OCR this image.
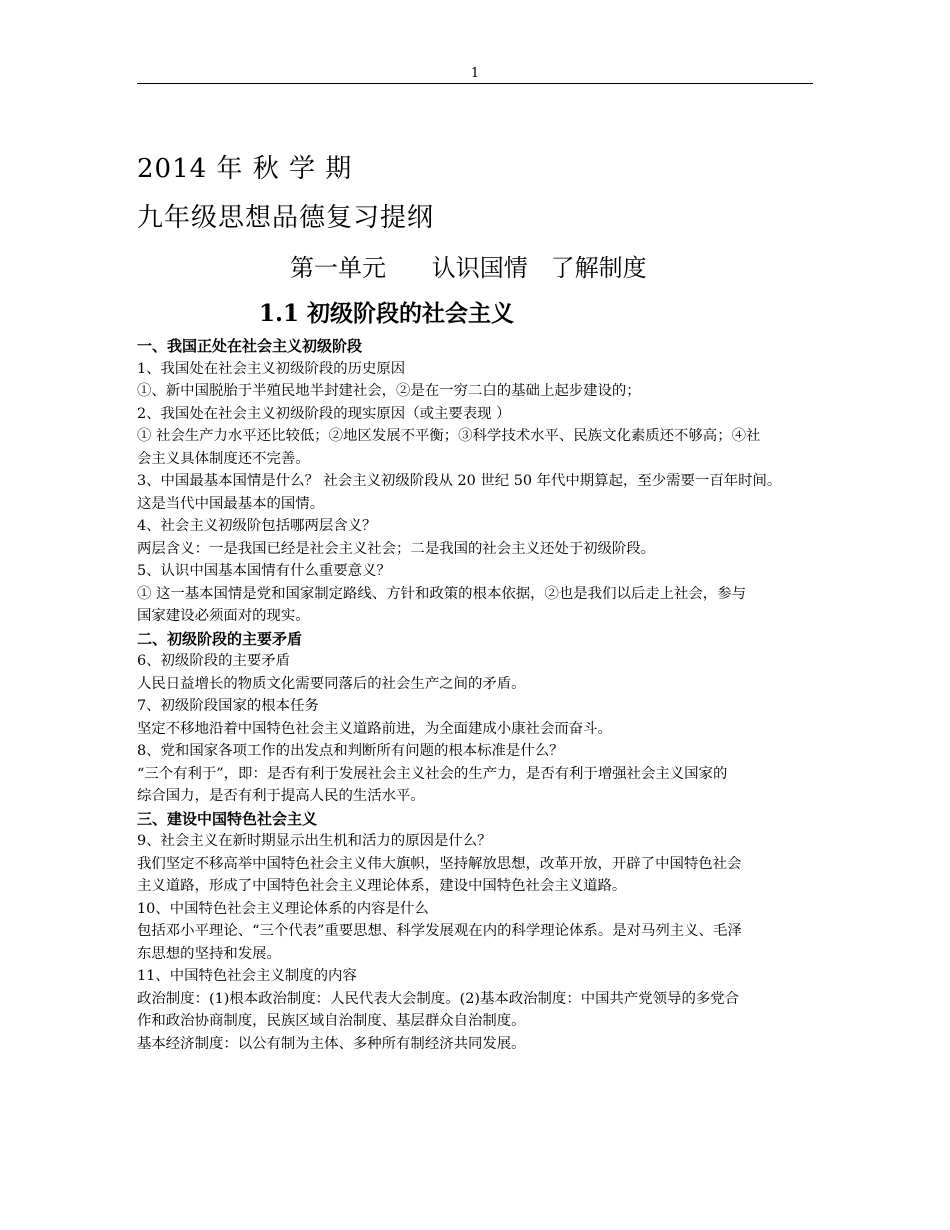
1
2014 年 秋 学 期
九年级思想品德复习提纲
第一单元      认识国情   了解制度
1.1 初级阶段的社会主义
一、我国正处在社会主义初级阶段
1、我国处在社会主义初级阶段的历史原因
①、新中国脱胎于半殖民地半封建社会，②是在一穷二白的基础上起步建设的；
2、我国处在社会主义初级阶段的现实原因（或主要表现 ）
① 社会生产力水平还比较低；②地区发展不平衡；③科学技术水平、民族文化素质还不够高；④社
会主义具体制度还不完善。
3、中国最基本国情是什么？ 社会主义初级阶段从 20 世纪 50 年代中期算起，至少需要一百年时间。
这是当代中国最基本的国情。
4、社会主义初级阶包括哪两层含义？
两层含义：一是我国已经是社会主义社会；二是我国的社会主义还处于初级阶段。
5、认识中国基本国情有什么重要意义？
① 这一基本国情是党和国家制定路线、方针和政策的根本依据，②也是我们以后走上社会，参与
国家建设必须面对的现实。
二、初级阶段的主要矛盾
6、初级阶段的主要矛盾
人民日益增长的物质文化需要同落后的社会生产之间的矛盾。
7、初级阶段国家的根本任务
坚定不移地沿着中国特色社会主义道路前进，为全面建成小康社会而奋斗。
8、党和国家各项工作的出发点和判断所有问题的根本标准是什么？
“三个有利于”，即：是否有利于发展社会主义社会的生产力，是否有利于增强社会主义国家的
综合国力，是否有利于提高人民的生活水平。
三、建设中国特色社会主义
9、社会主义在新时期显示出生机和活力的原因是什么？
我们坚定不移高举中国特色社会主义伟大旗帜，坚持解放思想，改革开放，开辟了中国特色社会
主义道路，形成了中国特色社会主义理论体系，建设中国特色社会主义道路。
10、中国特色社会主义理论体系的内容是什么
包括邓小平理论、“三个代表”重要思想、科学发展观在内的科学理论体系。是对马列主义、毛泽
东思想的坚持和发展。
11、中国特色社会主义制度的内容
政治制度：(1)根本政治制度：人民代表大会制度。(2)基本政治制度：中国共产党领导的多党合
作和政治协商制度，民族区域自治制度、基层群众自治制度。
基本经济制度：以公有制为主体、多种所有制经济共同发展。
